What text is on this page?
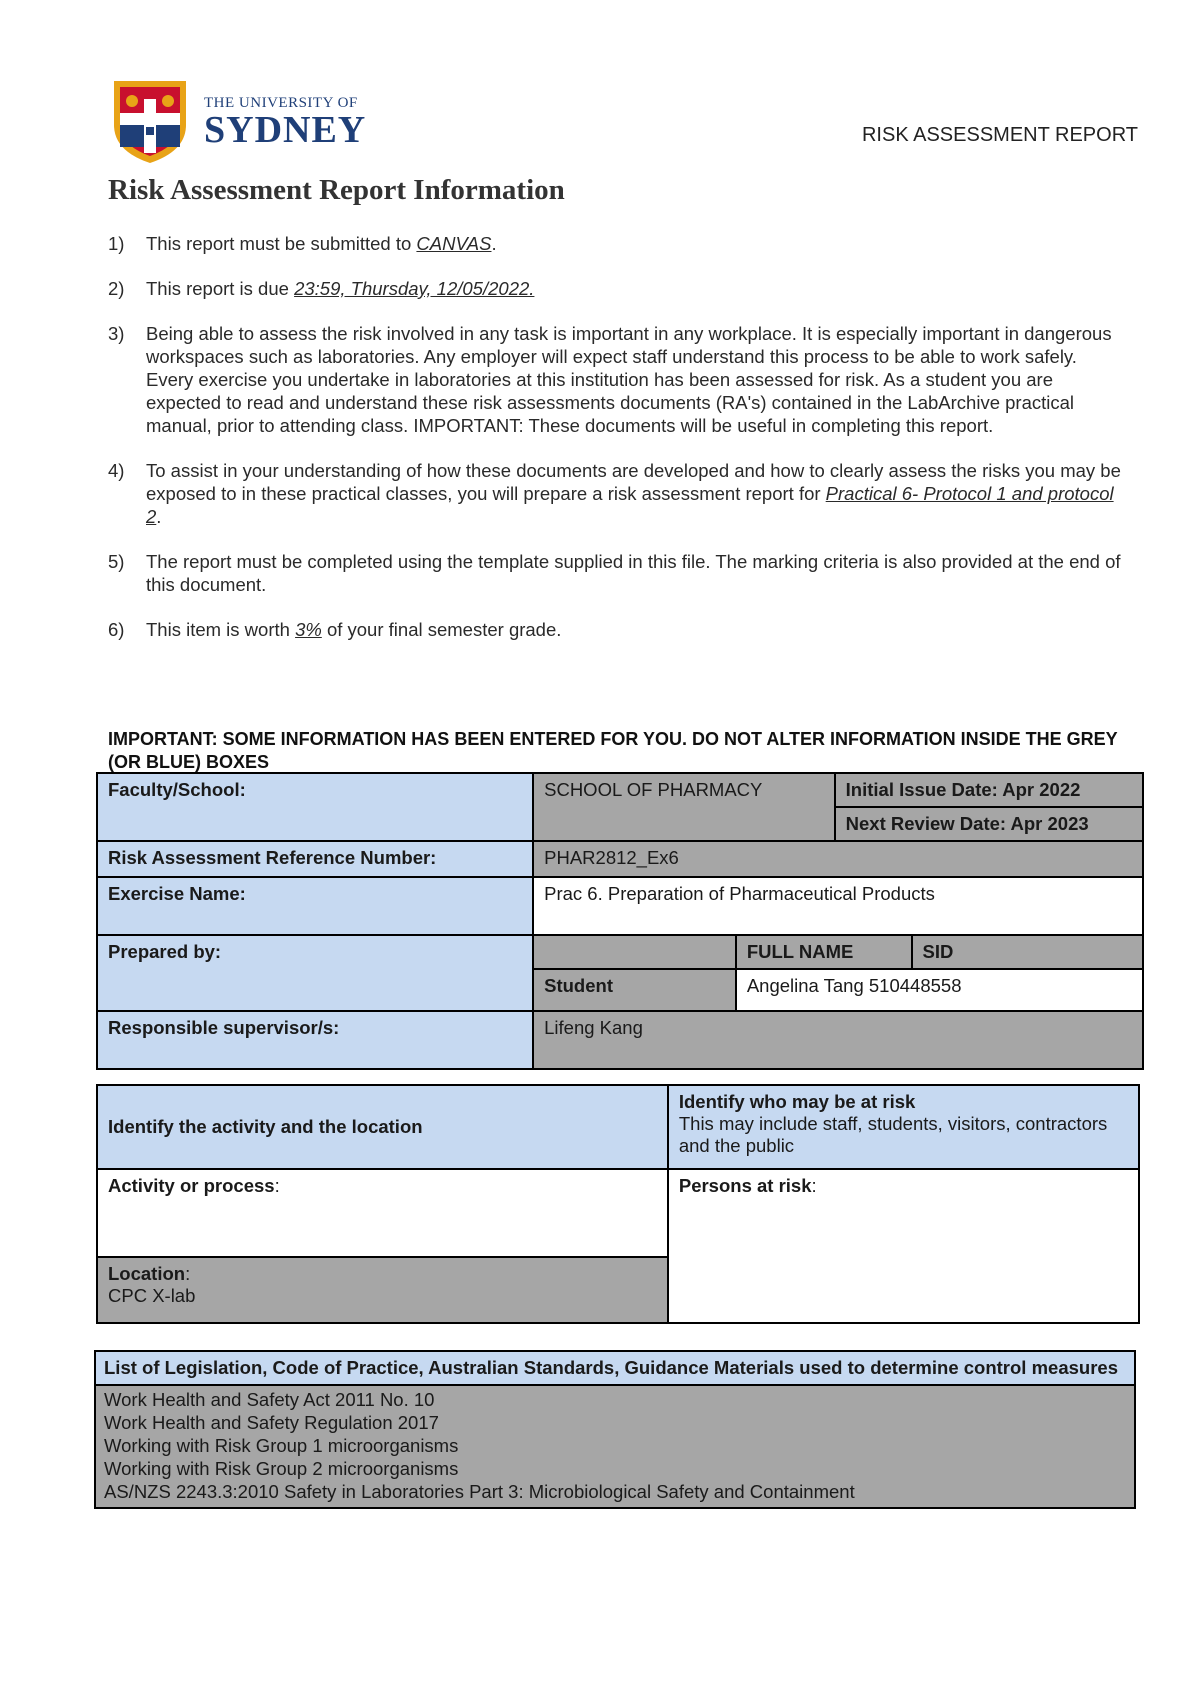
THE UNIVERSITY OF
SYDNEY	RISK ASSESSMENT REPORT
Risk Assessment Report Information
1)	This report must be submitted to CANVAS.
2)	This report is due 23:59, Thursday, 12/05/2022.
3)	Being able to assess the risk involved in any task is important in any workplace. It is especially important in dangerous workspaces such as laboratories. Any employer will expect staff understand this process to be able to work safely. Every exercise you undertake in laboratories at this institution has been assessed for risk. As a student you are expected to read and understand these risk assessments documents (RA's) contained in the LabArchive practical manual, prior to attending class. IMPORTANT: These documents will be useful in completing this report.
4)	To assist in your understanding of how these documents are developed and how to clearly assess the risks you may be exposed to in these practical classes, you will prepare a risk assessment report for Practical 6- Protocol 1 and protocol 2.
5)	The report must be completed using the template supplied in this file. The marking criteria is also provided at the end of this document.
6)	This item is worth 3% of your final semester grade.
IMPORTANT: SOME INFORMATION HAS BEEN ENTERED FOR YOU. DO NOT ALTER INFORMATION INSIDE THE GREY (OR BLUE) BOXES
Faculty/School:	SCHOOL OF PHARMACY		Initial Issue Date: Apr 2022	
			Next Review Date: Apr 2023	
Risk Assessment Reference Number:	PHAR2812_Ex6			
Exercise Name:	Prac 6. Preparation of Pharmaceutical Products			
Prepared by:		FULL NAME		SID
	Student	Angelina Tang 510448558		
Responsible supervisor/s:	Lifeng Kang			
Identify the activity and the location	Identify who may be at risk
This may include staff, students, visitors, contractors and the public

Activity or process:	Persons at risk:
Location:
CPC X-lab	
List of Legislation, Code of Practice, Australian Standards, Guidance Materials used to determine control measures

Work Health and Safety Act 2011 No. 10
Work Health and Safety Regulation 2017
Working with Risk Group 1 microorganisms
Working with Risk Group 2 microorganisms
AS/NZS 2243.3:2010 Safety in Laboratories Part 3: Microbiological Safety and Containment
